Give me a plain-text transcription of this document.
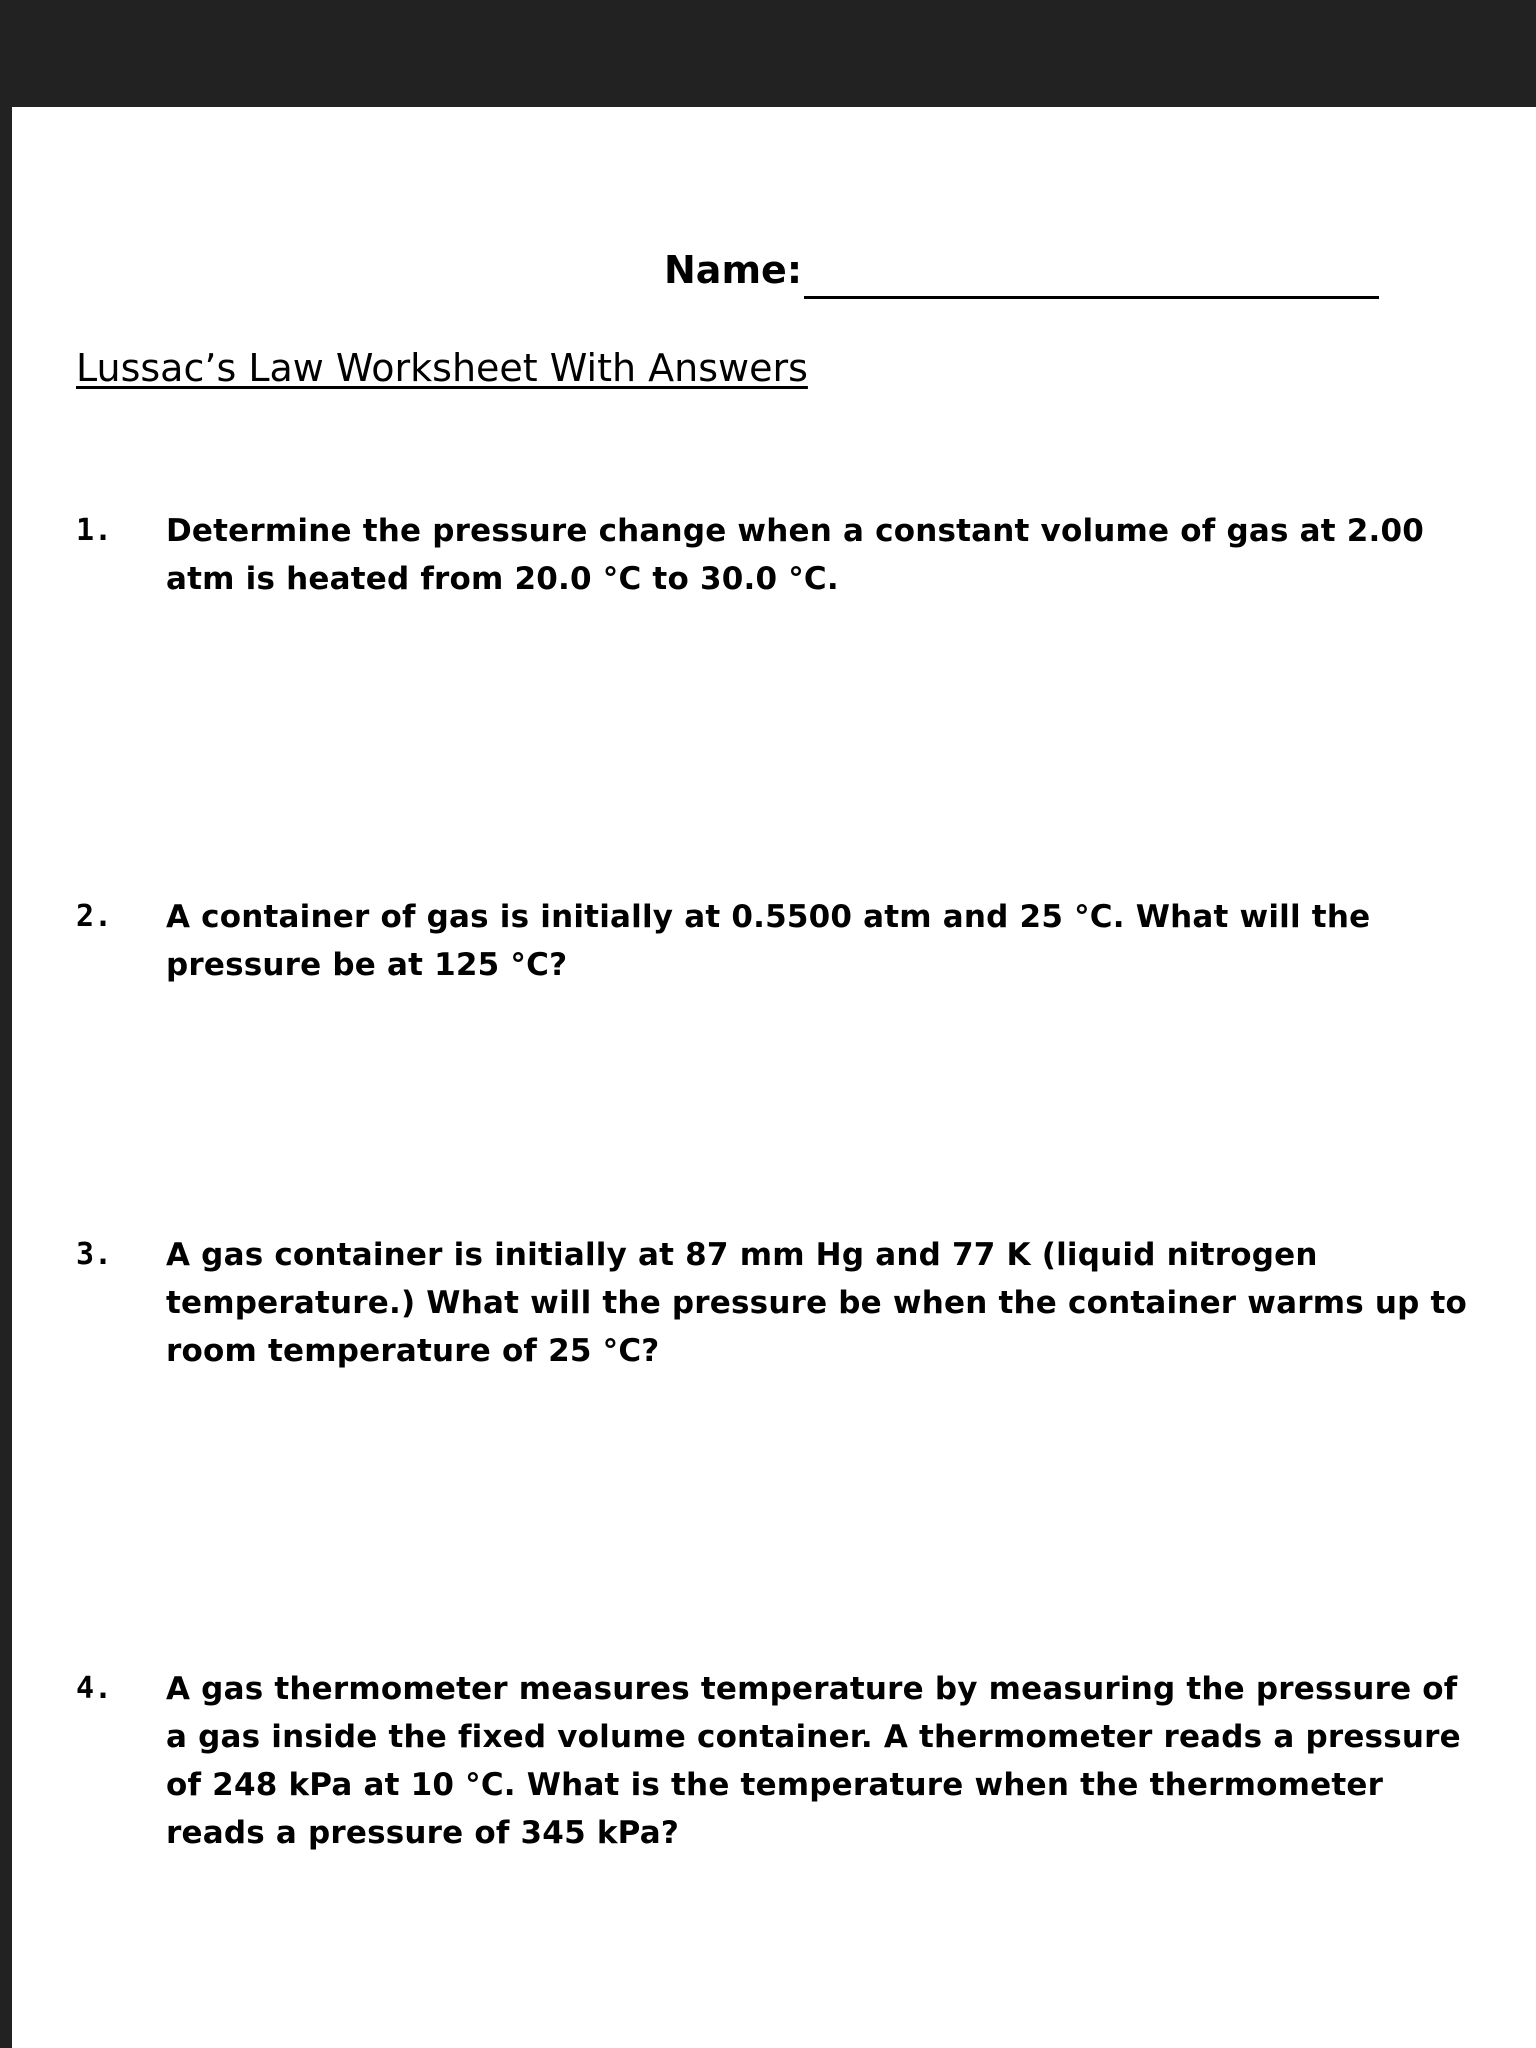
Name:
Lussac’s Law Worksheet With Answers
1. Determine the pressure change when a constant volume of gas at 2.00 atm is heated from 20.0 °C to 30.0 °C.
2. A container of gas is initially at 0.5500 atm and 25 °C. What will the pressure be at 125 °C?
3. A gas container is initially at 87 mm Hg and 77 K (liquid nitrogen temperature.) What will the pressure be when the container warms up to room temperature of 25 °C?
4. A gas thermometer measures temperature by measuring the pressure of a gas inside the fixed volume container. A thermometer reads a pressure of 248 kPa at 10 °C. What is the temperature when the thermometer reads a pressure of 345 kPa?
